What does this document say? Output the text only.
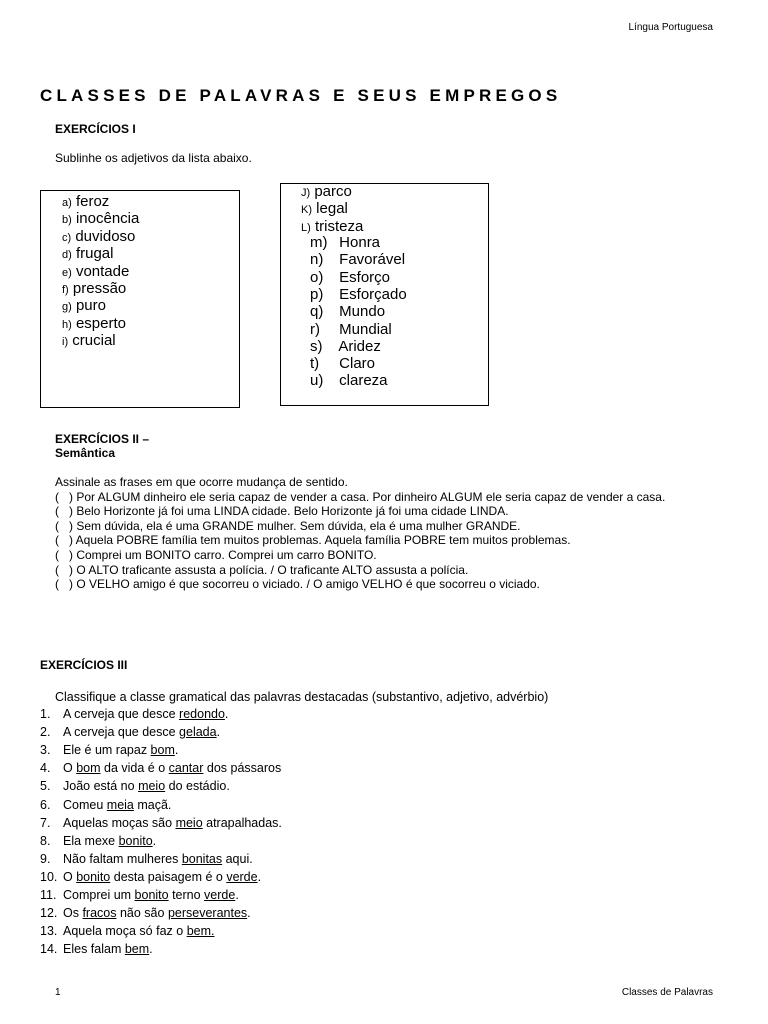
Língua Portuguesa
CLASSES DE PALAVRAS E SEUS EMPREGOS
EXERCÍCIOS I
Sublinhe os adjetivos da lista abaixo.
a) feroz
b) inocência
c) duvidoso
d) frugal
e) vontade
f) pressão
g) puro
h) esperto
i) crucial
J) parco
K) legal
L) tristeza
m) Honra
n) Favorável
o) Esforço
p) Esforçado
q) Mundo
r) Mundial
s) Aridez
t) Claro
u) clareza
EXERCÍCIOS II –
Semântica
Assinale as frases em que ocorre mudança de sentido.
(   ) Por ALGUM dinheiro ele seria capaz de vender a casa. Por dinheiro ALGUM ele seria capaz de vender a casa.
(   ) Belo Horizonte já foi uma LINDA cidade. Belo Horizonte já foi uma cidade LINDA.
(   ) Sem dúvida, ela é uma GRANDE mulher. Sem dúvida, ela é uma mulher GRANDE.
(   ) Aquela POBRE família tem muitos problemas. Aquela família POBRE tem muitos problemas.
(   ) Comprei um BONITO carro. Comprei um carro BONITO.
(   ) O ALTO traficante assusta a polícia. / O traficante ALTO assusta a polícia.
(   ) O VELHO amigo é que socorreu o viciado. / O amigo VELHO é que socorreu o viciado.
EXERCÍCIOS III
Classifique a classe gramatical das palavras destacadas (substantivo, adjetivo, advérbio)
1. A cerveja que desce redondo.
2. A cerveja que desce gelada.
3. Ele é um rapaz bom.
4. O bom da vida é o cantar dos pássaros
5. João está no meio do estádio.
6. Comeu meia maçã.
7. Aquelas moças são meio atrapalhadas.
8. Ela mexe bonito.
9. Não faltam mulheres bonitas aqui.
10. O bonito desta paisagem é o verde.
11. Comprei um bonito terno verde.
12. Os fracos não são perseverantes.
13. Aquela moça só faz o bem.
14. Eles falam bem.
1	Classes de Palavras
